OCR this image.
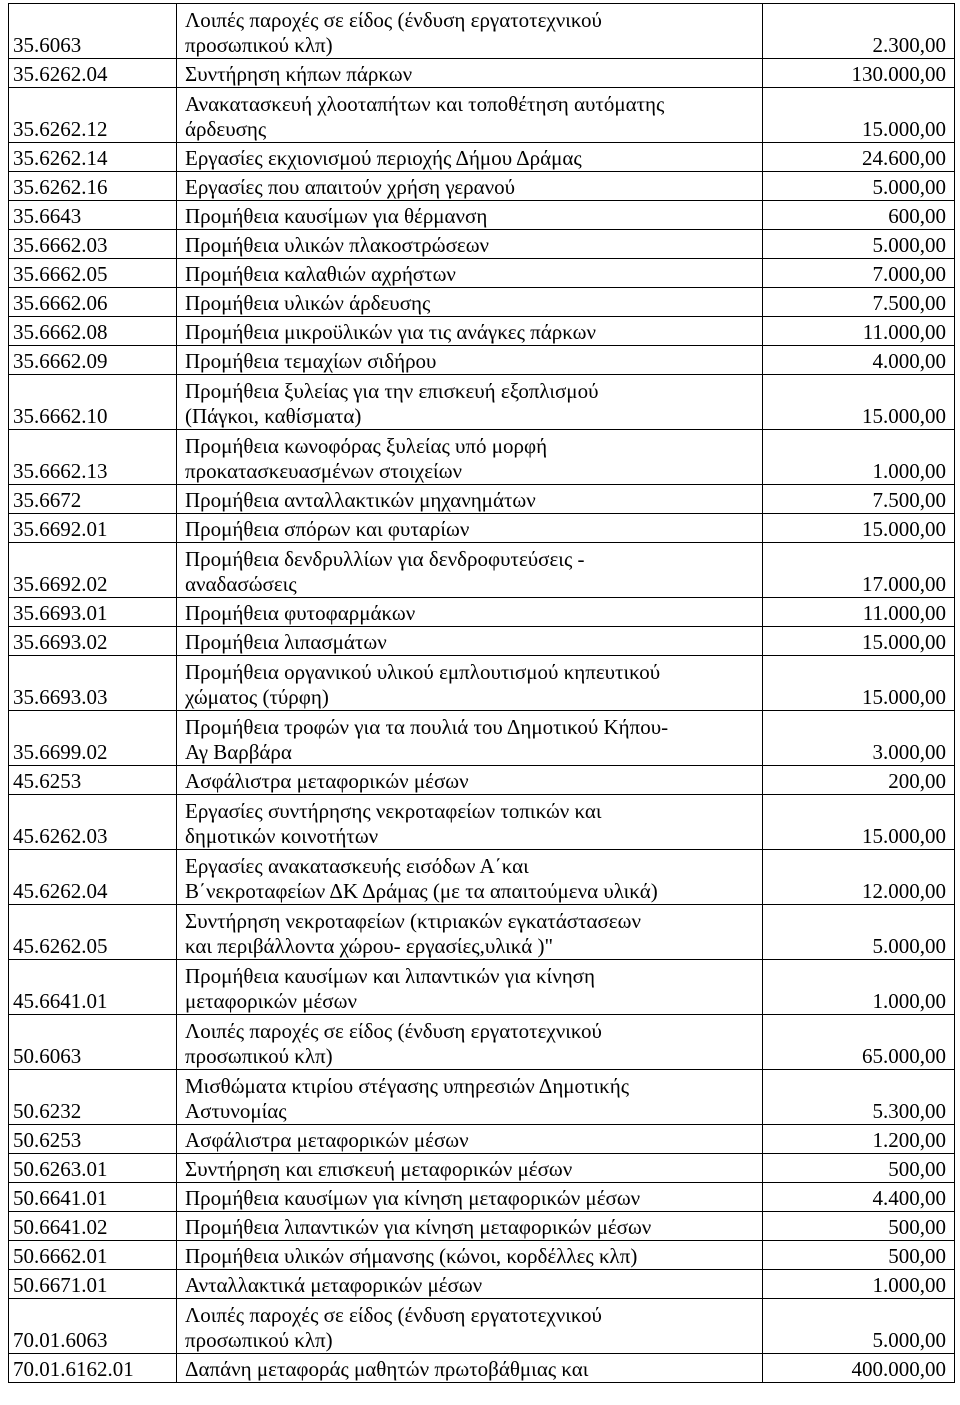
35.6063	Λοιπές παροχές σε είδος (ένδυση εργατοτεχνικού
προσωπικού κλπ)	2.300,00
35.6262.04	Συντήρηση κήπων πάρκων	130.000,00
35.6262.12	Ανακατασκευή χλοοταπήτων και τοποθέτηση αυτόματης
άρδευσης	15.000,00
35.6262.14	Εργασίες εκχιονισμού περιοχής Δήμου Δράμας	24.600,00
35.6262.16	Εργασίες που απαιτούν χρήση γερανού	5.000,00
35.6643	Προμήθεια καυσίμων για θέρμανση	600,00
35.6662.03	Προμήθεια υλικών πλακοστρώσεων	5.000,00
35.6662.05	Προμήθεια καλαθιών αχρήστων	7.000,00
35.6662.06	Προμήθεια υλικών άρδευσης	7.500,00
35.6662.08	Προμήθεια μικροϋλικών για τις ανάγκες πάρκων	11.000,00
35.6662.09	Προμήθεια τεμαχίων σιδήρου	4.000,00
35.6662.10	Προμήθεια ξυλείας για την επισκευή εξοπλισμού
(Πάγκοι, καθίσματα)	15.000,00
35.6662.13	Προμήθεια κωνοφόρας ξυλείας υπό μορφή
προκατασκευασμένων στοιχείων	1.000,00
35.6672	Προμήθεια ανταλλακτικών μηχανημάτων	7.500,00
35.6692.01	Προμήθεια σπόρων και φυταρίων	15.000,00
35.6692.02	Προμήθεια δενδρυλλίων για δενδροφυτεύσεις -
αναδασώσεις	17.000,00
35.6693.01	Προμήθεια φυτοφαρμάκων	11.000,00
35.6693.02	Προμήθεια λιπασμάτων	15.000,00
35.6693.03	Προμήθεια οργανικού υλικού εμπλουτισμού κηπευτικού
χώματος (τύρφη)	15.000,00
35.6699.02	Προμήθεια τροφών για τα πουλιά του Δημοτικού Κήπου-
Αγ Βαρβάρα	3.000,00
45.6253	Ασφάλιστρα μεταφορικών μέσων	200,00
45.6262.03	Εργασίες συντήρησης νεκροταφείων τοπικών και
δημοτικών κοινοτήτων	15.000,00
45.6262.04	Εργασίες ανακατασκευής εισόδων Α΄και
Β΄νεκροταφείων ΔΚ Δράμας (με τα απαιτούμενα υλικά)	12.000,00
45.6262.05	Συντήρηση νεκροταφείων (κτιριακών εγκατάστασεων
και περιβάλλοντα χώρου- εργασίες,υλικά )"	5.000,00
45.6641.01	Προμήθεια καυσίμων και λιπαντικών για κίνηση
μεταφορικών μέσων	1.000,00
50.6063	Λοιπές παροχές σε είδος (ένδυση εργατοτεχνικού
προσωπικού κλπ)	65.000,00
50.6232	Μισθώματα κτιρίου στέγασης υπηρεσιών Δημοτικής
Αστυνομίας	5.300,00
50.6253	Ασφάλιστρα μεταφορικών μέσων	1.200,00
50.6263.01	Συντήρηση και επισκευή μεταφορικών μέσων	500,00
50.6641.01	Προμήθεια καυσίμων για κίνηση μεταφορικών μέσων	4.400,00
50.6641.02	Προμήθεια λιπαντικών για κίνηση μεταφορικών μέσων	500,00
50.6662.01	Προμήθεια υλικών σήμανσης (κώνοι, κορδέλλες κλπ)	500,00
50.6671.01	Ανταλλακτικά μεταφορικών μέσων	1.000,00
70.01.6063	Λοιπές παροχές σε είδος (ένδυση εργατοτεχνικού
προσωπικού κλπ)	5.000,00
70.01.6162.01	Δαπάνη μεταφοράς μαθητών πρωτοβάθμιας και	400.000,00
